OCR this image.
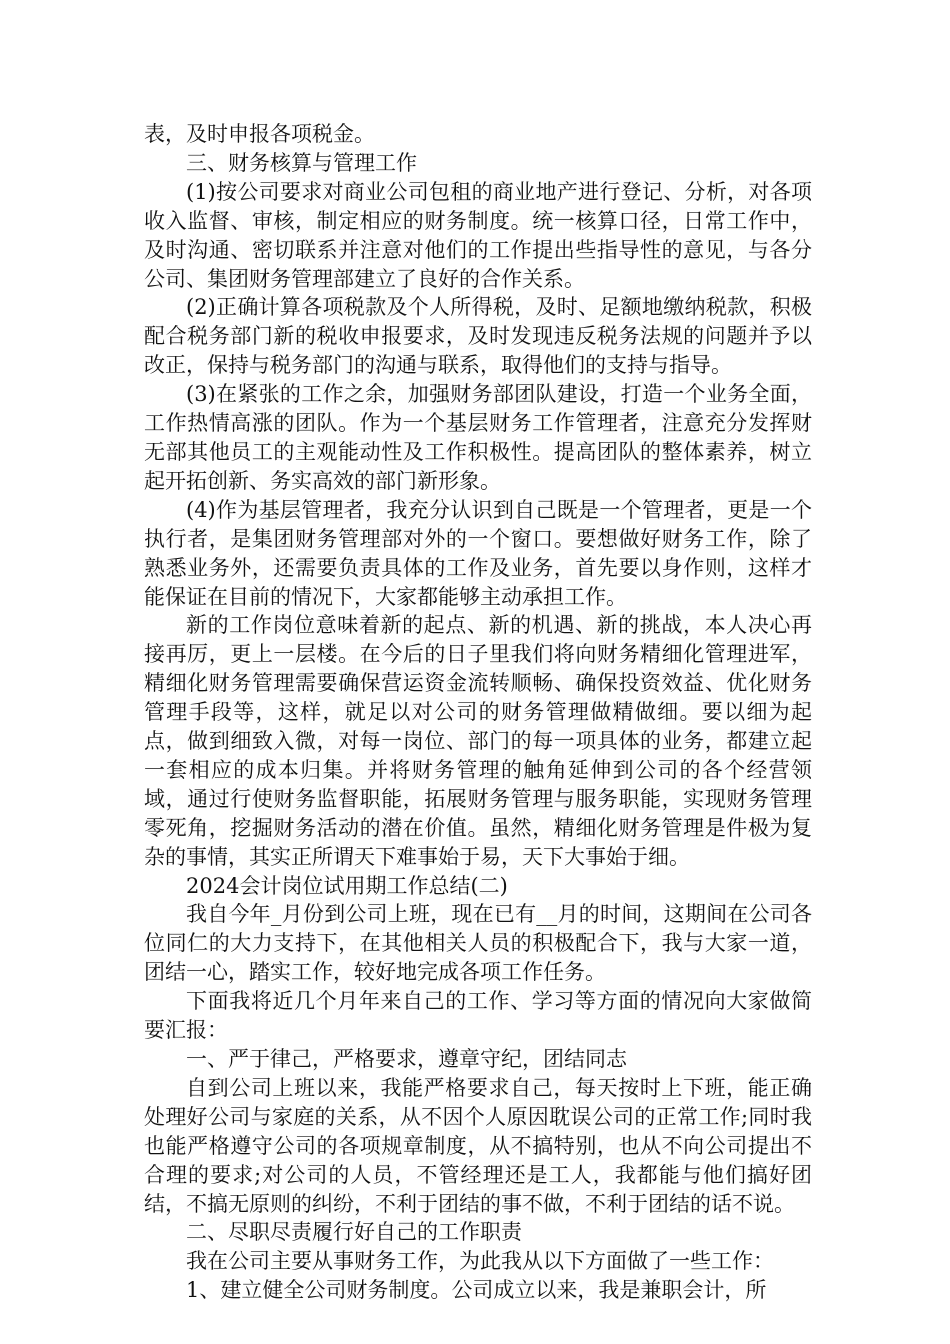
表，及时申报各项税金。

三、财务核算与管理工作

(1)按公司要求对商业公司包租的商业地产进行登记、分析，对各项收入监督、审核，制定相应的财务制度。统一核算口径，日常工作中，及时沟通、密切联系并注意对他们的工作提出些指导性的意见，与各分公司、集团财务管理部建立了良好的合作关系。

(2)正确计算各项税款及个人所得税，及时、足额地缴纳税款，积极配合税务部门新的税收申报要求，及时发现违反税务法规的问题并予以改正，保持与税务部门的沟通与联系，取得他们的支持与指导。

(3)在紧张的工作之余，加强财务部团队建设，打造一个业务全面，工作热情高涨的团队。作为一个基层财务工作管理者，注意充分发挥财无部其他员工的主观能动性及工作积极性。提高团队的整体素养，树立起开拓创新、务实高效的部门新形象。

(4)作为基层管理者，我充分认识到自己既是一个管理者，更是一个执行者，是集团财务管理部对外的一个窗口。要想做好财务工作，除了熟悉业务外，还需要负责具体的工作及业务，首先要以身作则，这样才能保证在目前的情况下，大家都能够主动承担工作。

新的工作岗位意味着新的起点、新的机遇、新的挑战，本人决心再接再厉，更上一层楼。在今后的日子里我们将向财务精细化管理进军，精细化财务管理需要确保营运资金流转顺畅、确保投资效益、优化财务管理手段等，这样，就足以对公司的财务管理做精做细。要以细为起点，做到细致入微，对每一岗位、部门的每一项具体的业务，都建立起一套相应的成本归集。并将财务管理的触角延伸到公司的各个经营领域，通过行使财务监督职能，拓展财务管理与服务职能，实现财务管理零死角，挖掘财务活动的潜在价值。虽然，精细化财务管理是件极为复杂的事情，其实正所谓天下难事始于易，天下大事始于细。

2024会计岗位试用期工作总结(二)

我自今年_月份到公司上班，现在已有__月的时间，这期间在公司各位同仁的大力支持下，在其他相关人员的积极配合下，我与大家一道，团结一心，踏实工作，较好地完成各项工作任务。

下面我将近几个月年来自己的工作、学习等方面的情况向大家做简要汇报：

一、严于律己，严格要求，遵章守纪，团结同志

自到公司上班以来，我能严格要求自己，每天按时上下班，能正确处理好公司与家庭的关系，从不因个人原因耽误公司的正常工作;同时我也能严格遵守公司的各项规章制度，从不搞特别，也从不向公司提出不合理的要求;对公司的人员，不管经理还是工人，我都能与他们搞好团结，不搞无原则的纠纷，不利于团结的事不做，不利于团结的话不说。

二、尽职尽责履行好自己的工作职责

我在公司主要从事财务工作，为此我从以下方面做了一些工作：

1、建立健全公司财务制度。公司成立以来，我是兼职会计，所
